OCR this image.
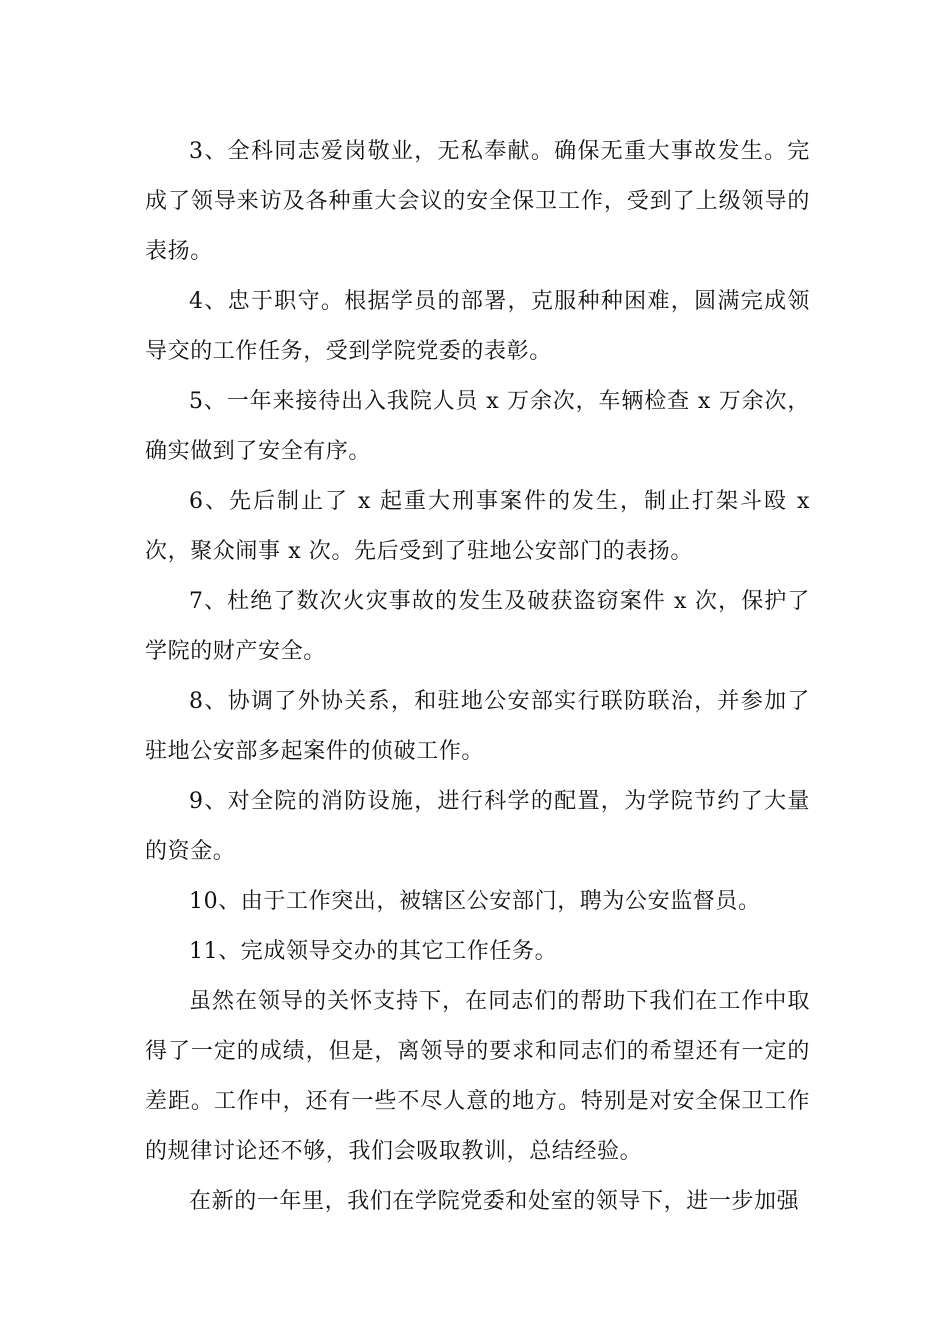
3、全科同志爱岗敬业，无私奉献。确保无重大事故发生。完成了领导来访及各种重大会议的安全保卫工作，受到了上级领导的表扬。

4、忠于职守。根据学员的部署，克服种种困难，圆满完成领导交的工作任务，受到学院党委的表彰。

5、一年来接待出入我院人员 x 万余次，车辆检查 x 万余次，确实做到了安全有序。

6、先后制止了 x 起重大刑事案件的发生，制止打架斗殴 x 次，聚众闹事 x 次。先后受到了驻地公安部门的表扬。

7、杜绝了数次火灾事故的发生及破获盗窃案件 x 次，保护了学院的财产安全。

8、协调了外协关系，和驻地公安部实行联防联治，并参加了驻地公安部多起案件的侦破工作。

9、对全院的消防设施，进行科学的配置，为学院节约了大量的资金。

10、由于工作突出，被辖区公安部门，聘为公安监督员。

11、完成领导交办的其它工作任务。

虽然在领导的关怀支持下，在同志们的帮助下我们在工作中取得了一定的成绩，但是，离领导的要求和同志们的希望还有一定的差距。工作中，还有一些不尽人意的地方。特别是对安全保卫工作的规律讨论还不够，我们会吸取教训，总结经验。

在新的一年里，我们在学院党委和处室的领导下，进一步加强
